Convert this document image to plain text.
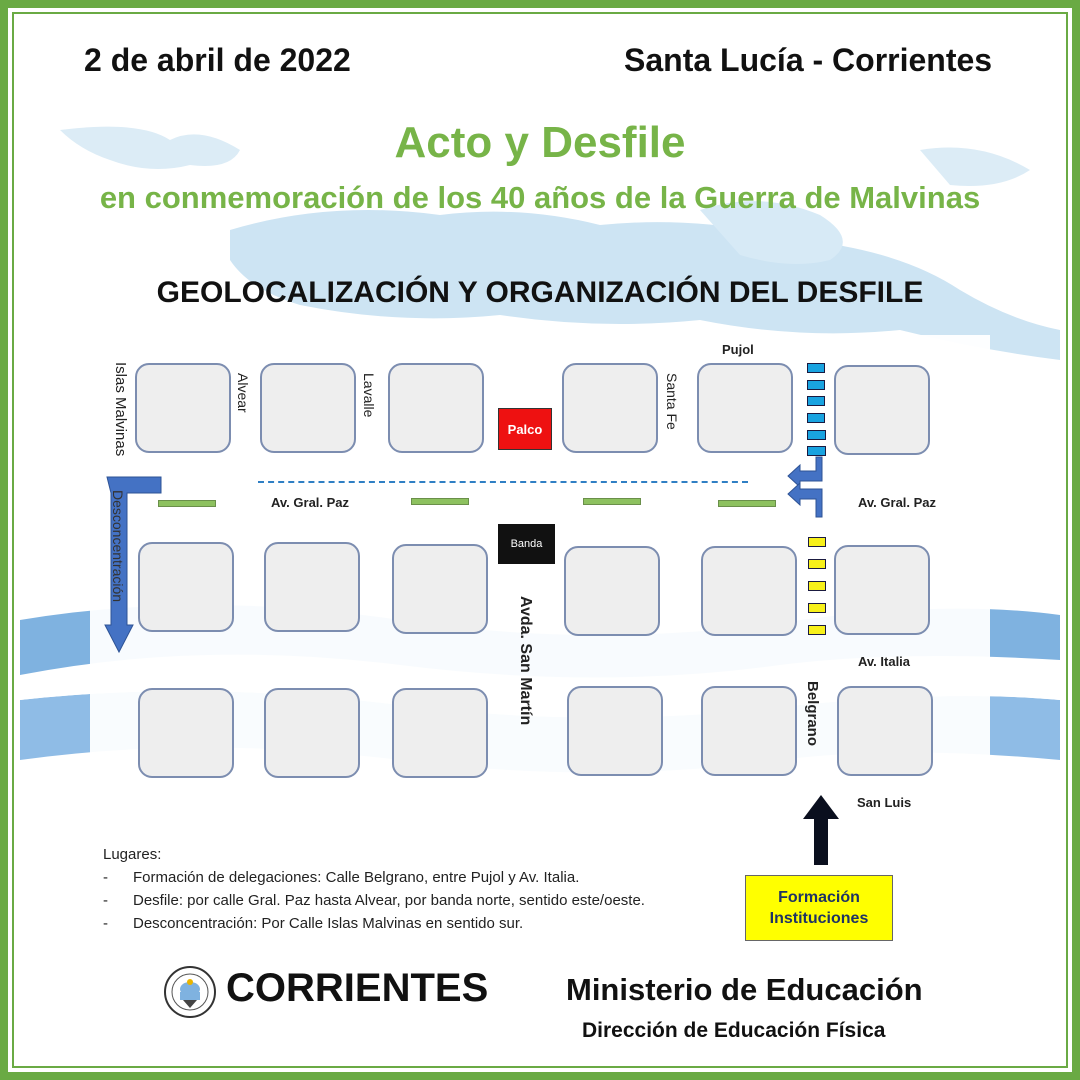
2 de abril de 2022	Santa Lucía - Corrientes
Acto y Desfile
en conmemoración de los 40 años de la Guerra de Malvinas
GEOLOCALIZACIÓN Y ORGANIZACIÓN DEL DESFILE
Islas Malvinas	Alvear	Lavalle	Santa Fe
Pujol
Av. Gral. Paz	Av. Gral. Paz
Avda. San Martín	Av. Italia
Belgrano
San Luis
Palco
Banda
Desconcentración
Formación
Instituciones
Lugares:
- Formación de delegaciones: Calle Belgrano, entre Pujol y Av. Italia.
- Desfile: por calle Gral. Paz hasta Alvear, por banda norte, sentido este/oeste.
- Desconcentración: Por Calle Islas Malvinas en sentido sur.
CORRIENTES	Ministerio de Educación
Dirección de Educación Física
